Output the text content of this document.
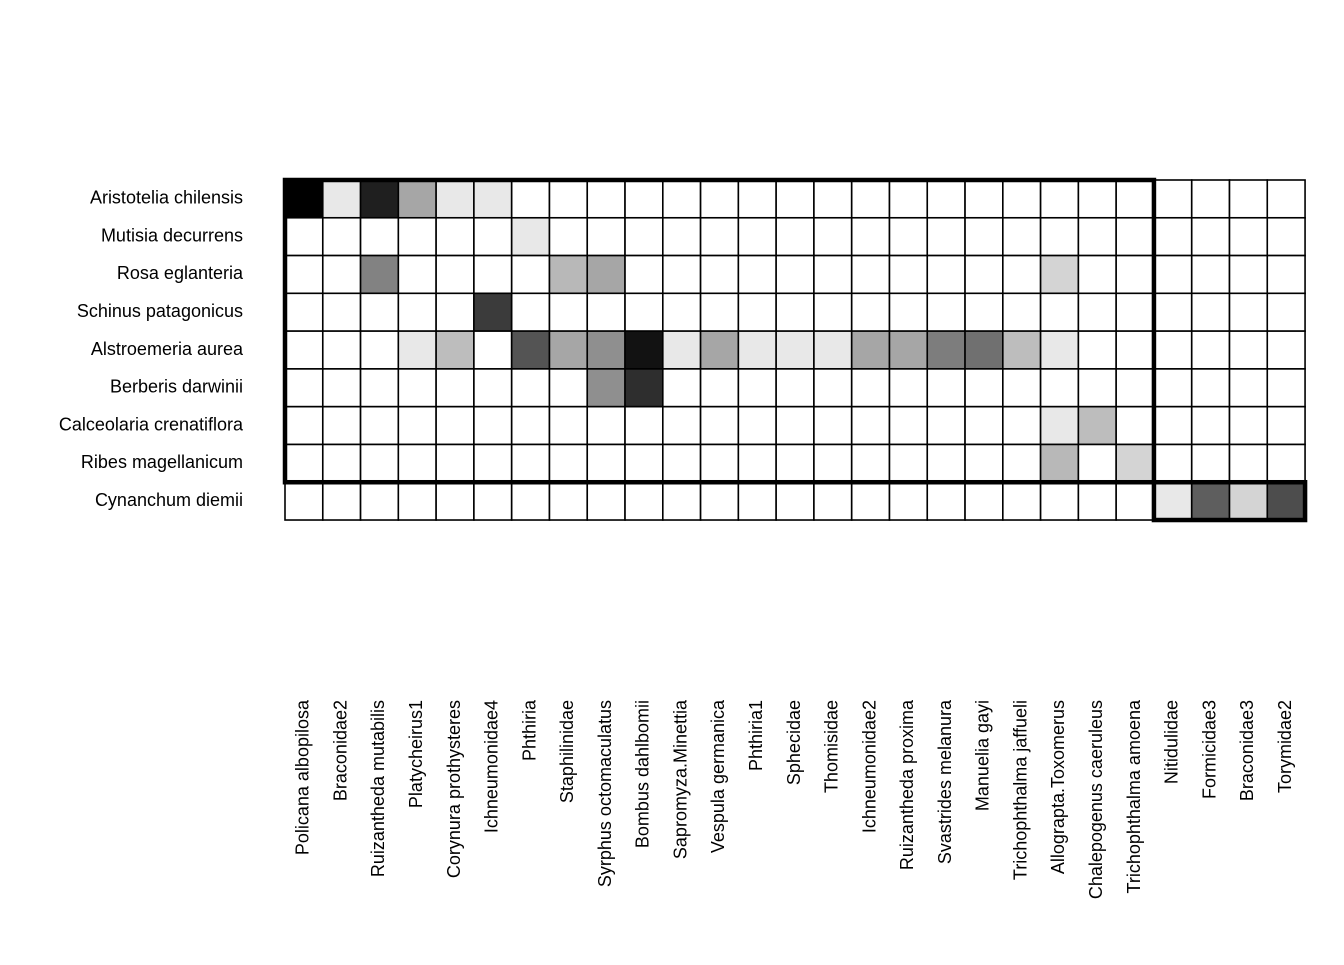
Aristotelia chilensis
Mutisia decurrens
Rosa eglanteria
Schinus patagonicus
Alstroemeria aurea
Berberis darwinii
Calceolaria crenatiflora
Ribes magellanicum
Cynanchum diemii
Policana albopilosa Braconidae2 Ruizantheda mutabilis Platycheirus1 Corynura prothysteres Ichneumonidae4 Phthiria Staphilinidae Syrphus octomaculatus Bombus dahlbomii Sapromyza.Minettia Vespula germanica Phthiria1 Sphecidae Thomisidae Ichneumonidae2 Ruizantheda proxima Svastrides melanura Manuelia gayi Trichophthalma jaffueli Allograpta.Toxomerus Chalepogenus caeruleus Trichophthalma amoena Nitidulidae Formicidae3 Braconidae3 Torymidae2
